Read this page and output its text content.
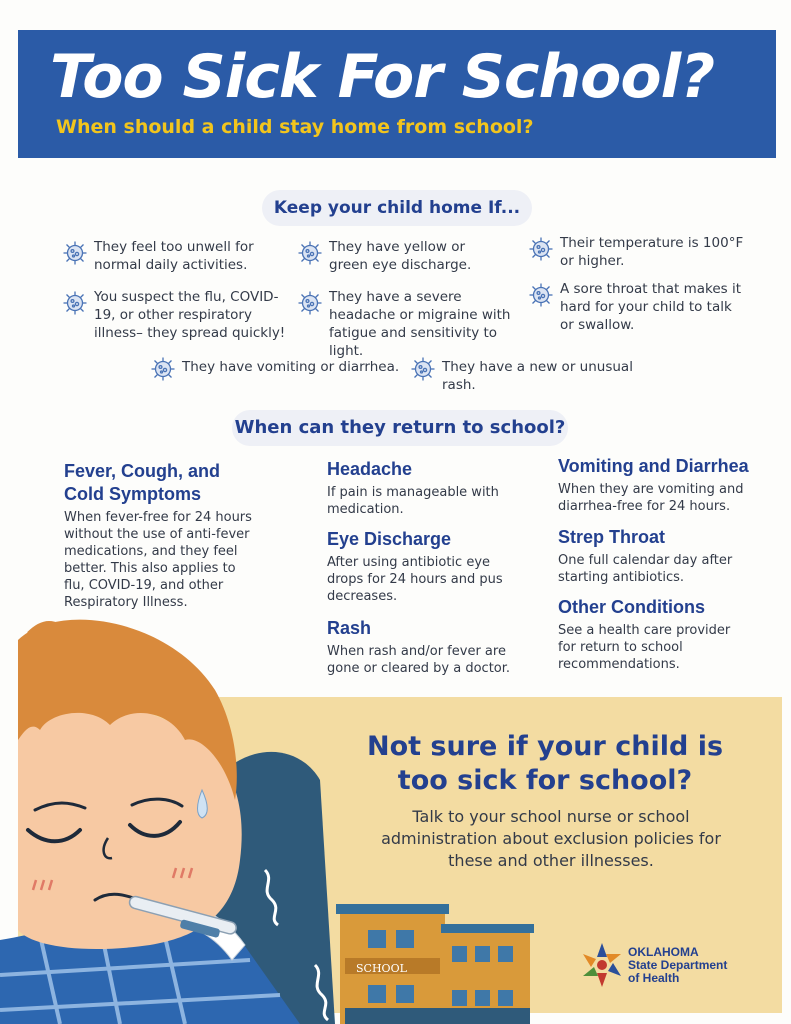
Too Sick For School?
When should a child stay home from school?
Keep your child home If...
They feel too unwell for normal daily activities.
They have yellow or green eye discharge.
Their temperature is 100°F or higher.
You suspect the flu, COVID-19, or other respiratory illness– they spread quickly!
They have a severe headache or migraine with fatigue and sensitivity to light.
A sore throat that makes it hard for your child to talk or swallow.
They have vomiting or diarrhea.	They have a new or unusual rash.
When can they return to school?
Fever, Cough, and Cold Symptoms
When fever-free for 24 hours without the use of anti-fever medications, and they feel better. This also applies to flu, COVID-19, and other Respiratory Illness.
Headache
If pain is manageable with medication.
Eye Discharge
After using antibiotic eye drops for 24 hours and pus decreases.
Rash
When rash and/or fever are gone or cleared by a doctor.
Vomiting and Diarrhea
When they are vomiting and diarrhea-free for 24 hours.
Strep Throat
One full calendar day after starting antibiotics.
Other Conditions
See a health care provider for return to school recommendations.
SCHOOL
Not sure if your child is too sick for school?
Talk to your school nurse or school administration about exclusion policies for these and other illnesses.
OKLAHOMA
State Department
of Health
